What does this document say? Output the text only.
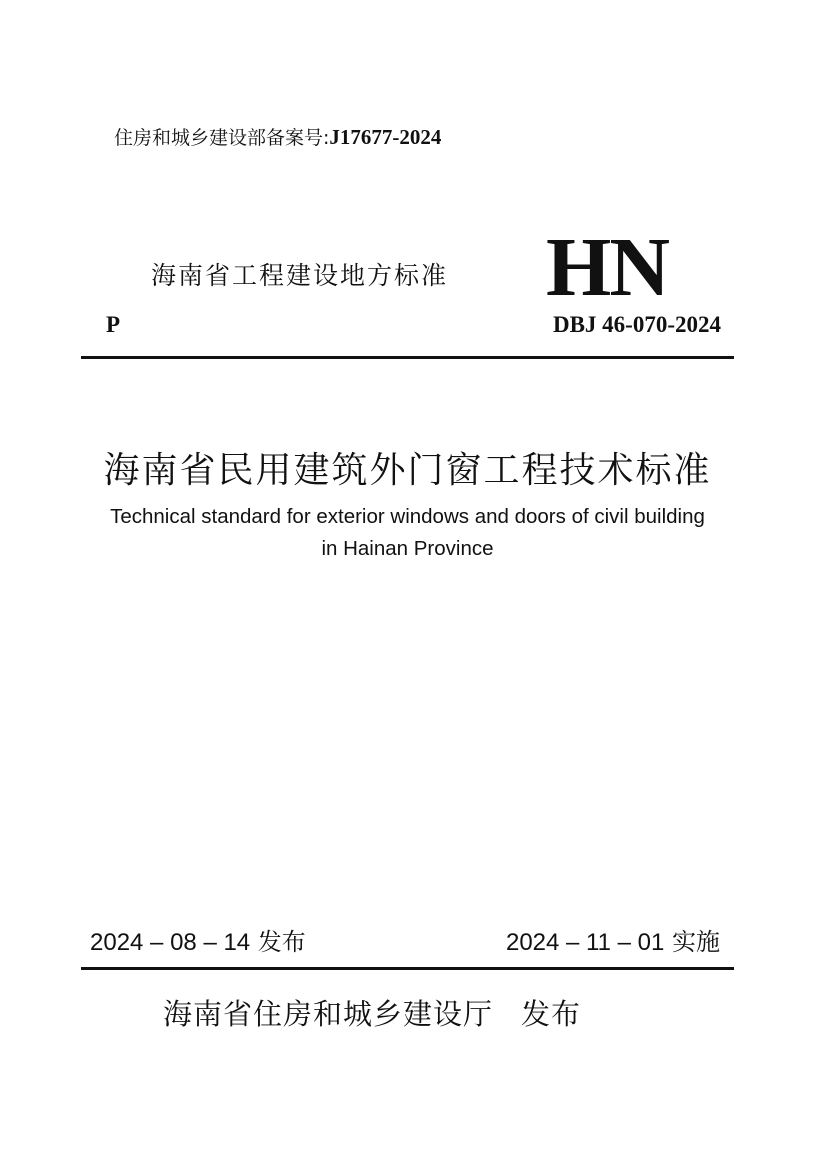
住房和城乡建设部备案号:J17677-2024
海南省工程建设地方标准 HN
P	DBJ 46-070-2024
海南省民用建筑外门窗工程技术标准
Technical standard for exterior windows and doors of civil building
in Hainan Province
2024 – 08 – 14 发布	2024 – 11 – 01 实施
海南省住房和城乡建设厅 发布
